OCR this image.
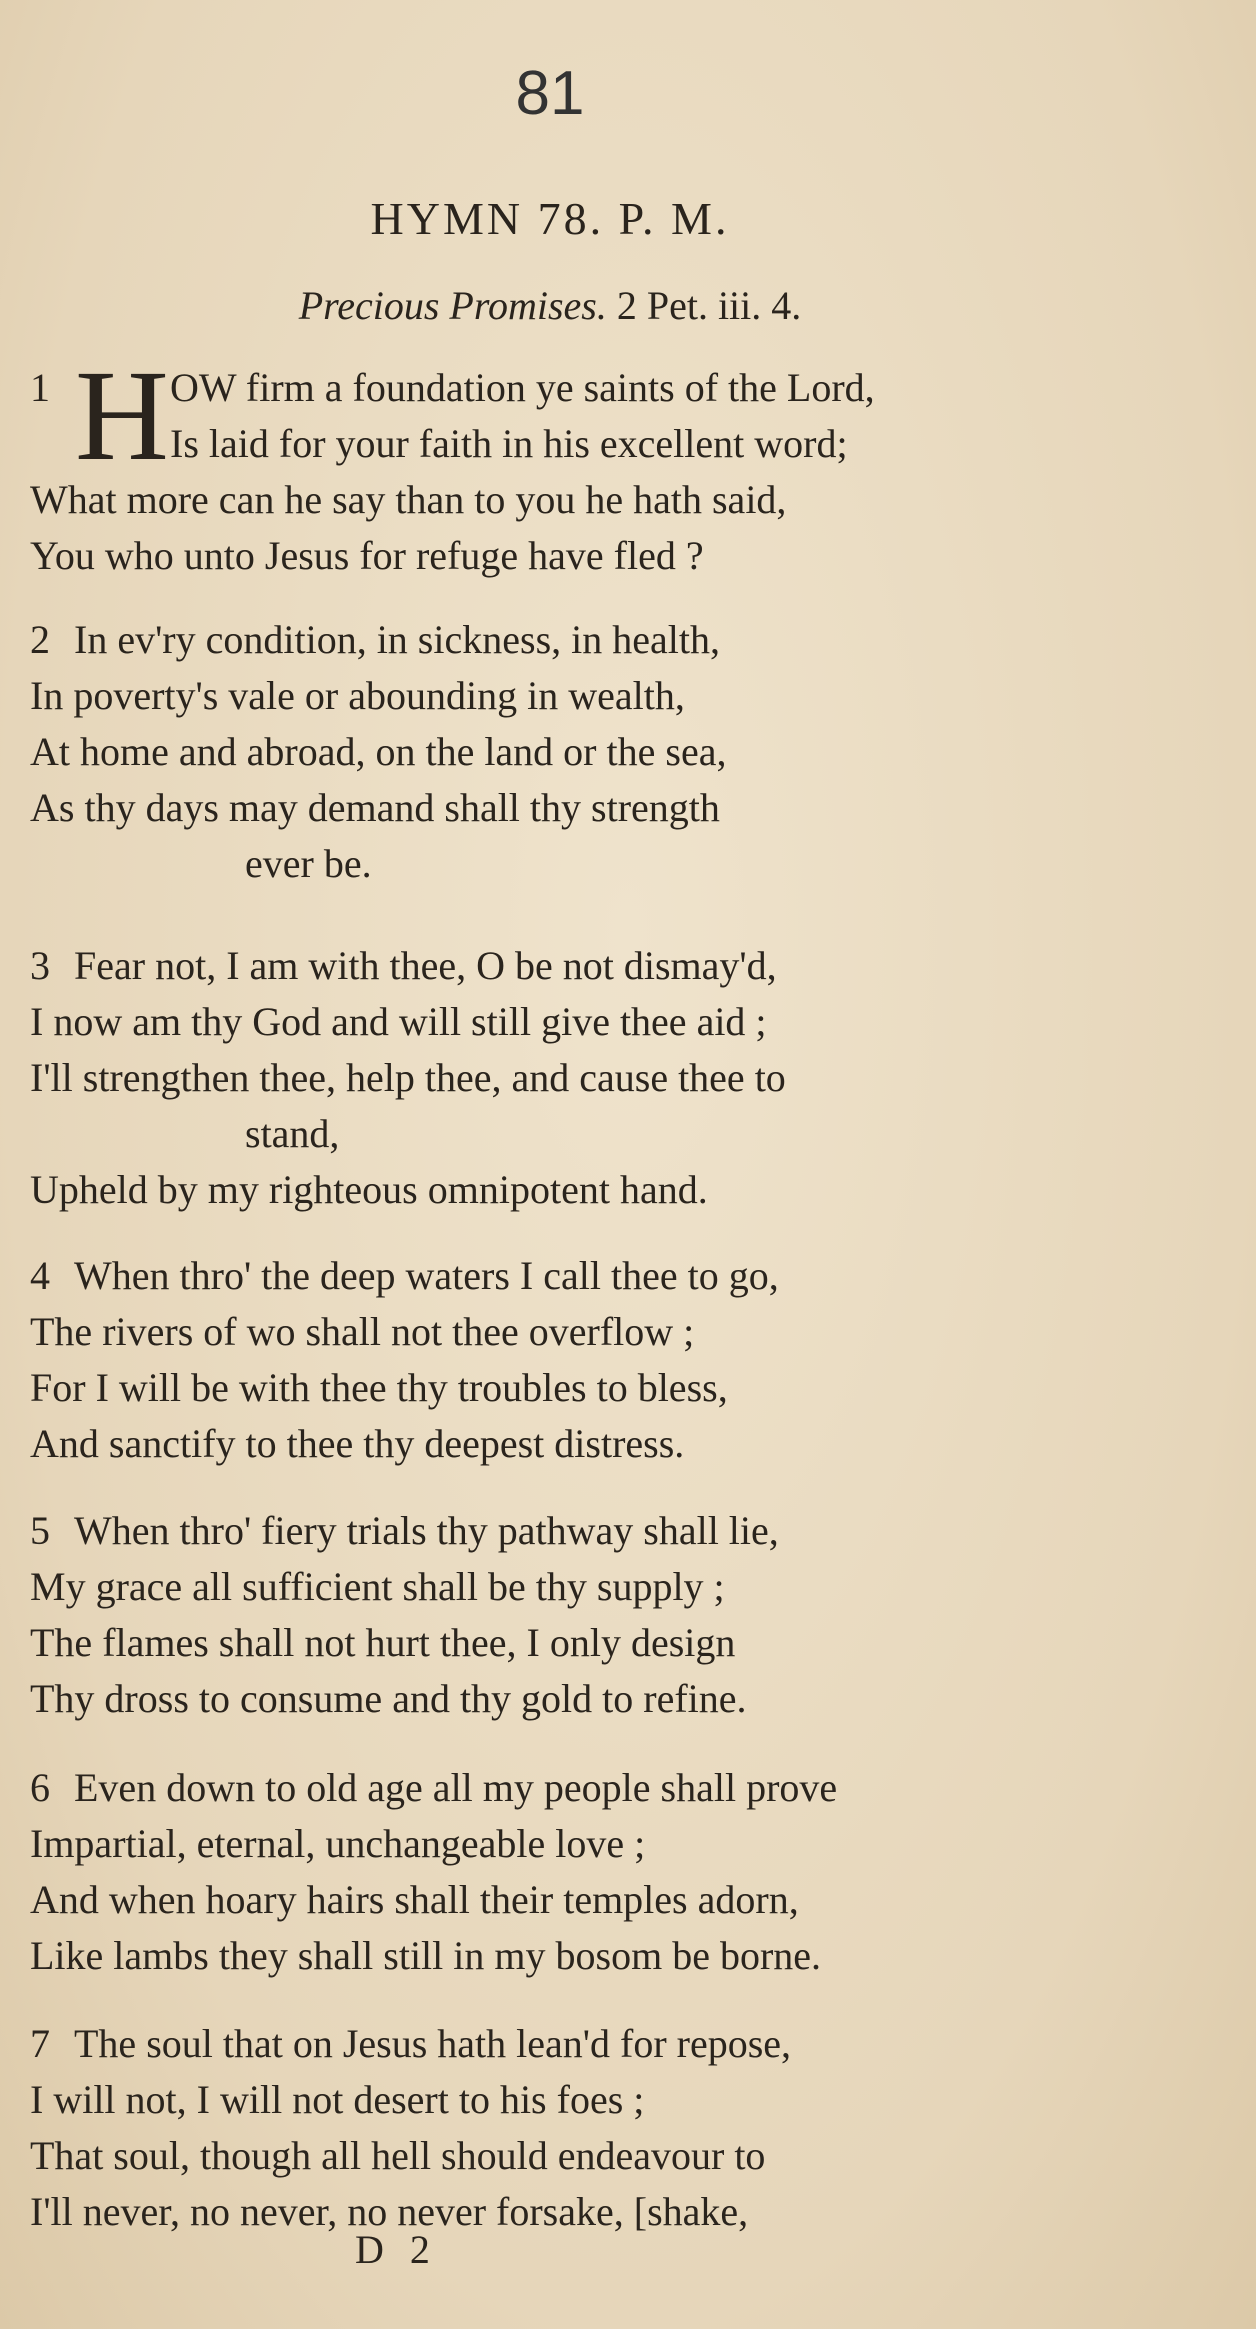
81
HYMN 78. P. M.
Precious Promises. 2 Pet. iii. 4.
1 H OW firm a foundation ye saints of the Lord,
Is laid for your faith in his excellent word;
What more can he say than to you he hath said,
You who unto Jesus for refuge have fled ?
2 In ev'ry condition, in sickness, in health,
In poverty's vale or abounding in wealth,
At home and abroad, on the land or the sea,
As thy days may demand shall thy strength
ever be.
3 Fear not, I am with thee, O be not dismay'd,
I now am thy God and will still give thee aid ;
I'll strengthen thee, help thee, and cause thee to
stand,
Upheld by my righteous omnipotent hand.
4 When thro' the deep waters I call thee to go,
The rivers of wo shall not thee overflow ;
For I will be with thee thy troubles to bless,
And sanctify to thee thy deepest distress.
5 When thro' fiery trials thy pathway shall lie,
My grace all sufficient shall be thy supply ;
The flames shall not hurt thee, I only design
Thy dross to consume and thy gold to refine.
6 Even down to old age all my people shall prove
Impartial, eternal, unchangeable love ;
And when hoary hairs shall their temples adorn,
Like lambs they shall still in my bosom be borne.
7 The soul that on Jesus hath lean'd for repose,
I will not, I will not desert to his foes ;
That soul, though all hell should endeavour to
I'll never, no never, no never forsake, [shake,
D 2
